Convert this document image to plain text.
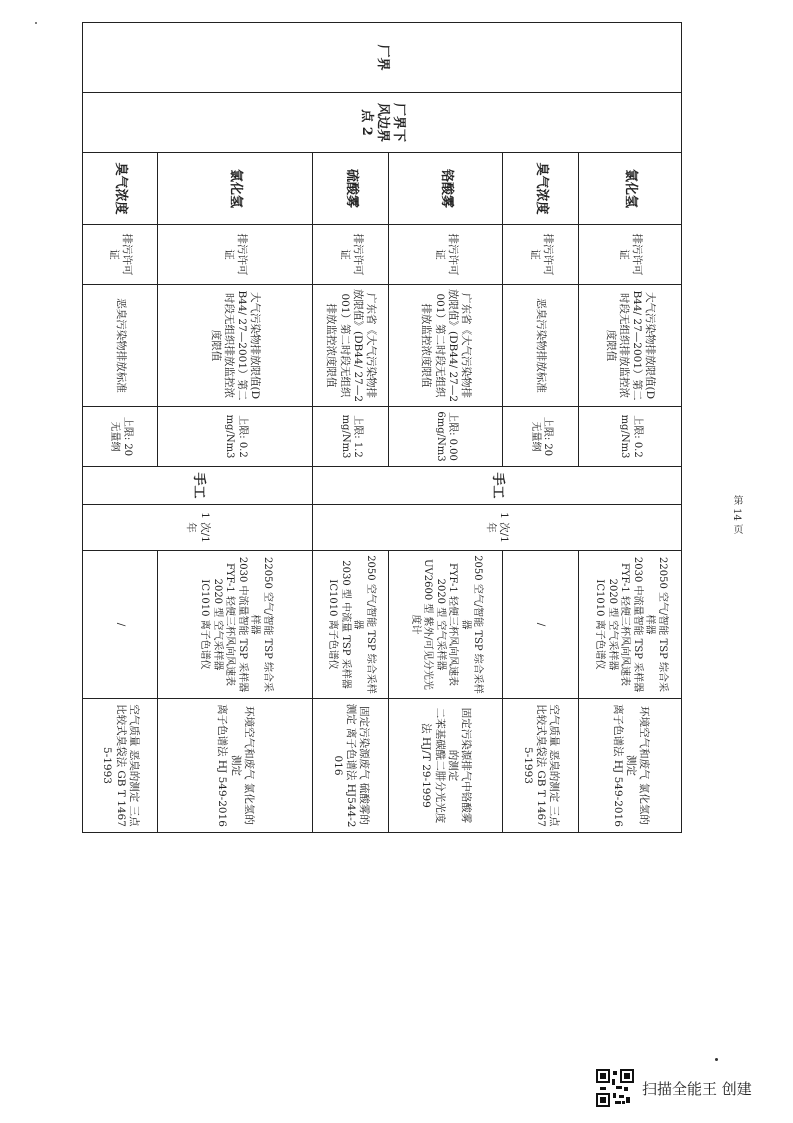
厂界	厂界下风边界点 2	氯化氢	排污许可证	大气污染物排放限值(DB44/ 27—2001）第二时段无组织排放监控浓度限值	上限: 0.2mg/Nm3	手工	1 次/1 年	22050 空气/智能 TSP 综合采样器
2030 中流量智能 TSP 采样器
FYF-1 轻便三杯风向风速表
2020 型 空气采样器
IC1010 离子色谱仪	环境空气和废气 氯化氢的测定
离子色谱法 HJ 549-2016
		臭气浓度	排污许可证	恶臭污染物排放标准	上限: 20 无量纲			/	空气质量 恶臭的测定 三点比较式臭袋法 GB T 14675-1993
		铬酸雾	排污许可证	广东省《大气污染物排放限值》(DB44/ 27—2001）第二时段无组织排放监控浓度限值	上限: 0.006mg/Nm3			2050 空气/智能 TSP 综合采样器
FYF-1 轻便三杯风向风速表
2020 型 空气采样器
UV2600 型 紫外/可见分光光度计	固定污染源排气中铬酸雾的测定
二苯基碳酰二肼分光光度法 HJ/T 29-1999
		硫酸雾	排污许可证	广东省《大气污染物排放限值》(DB44/ 27—2001）第二时段无组织排放监控浓度限值	上限: 1.2mg/Nm3			2050 空气/智能 TSP 综合采样器
2030 型 中流量 TSP 采样器
IC1010 离子色谱仪	固定污染源废气 硫酸雾的测定 离子色谱法 HJ544-2016
		氯化氢	排污许可证	大气污染物排放限值(DB44/ 27—2001）第二时段无组织排放监控浓度限值	上限: 0.2mg/Nm3	手工	1 次/1 年	22050 空气/智能 TSP 综合采样器
2030 中流量智能 TSP 采样器
FYF-1 轻便三杯风向风速表
2020 型 空气采样器
IC1010 离子色谱仪	环境空气和废气 氯化氢的测定
离子色谱法 HJ 549-2016
		臭气浓度	排污许可证	恶臭污染物排放标准	上限: 20 无量纲			/	空气质量 恶臭的测定 三点比较式臭袋法 GB T 14675-1993
第 14 页
扫描全能王 创建
